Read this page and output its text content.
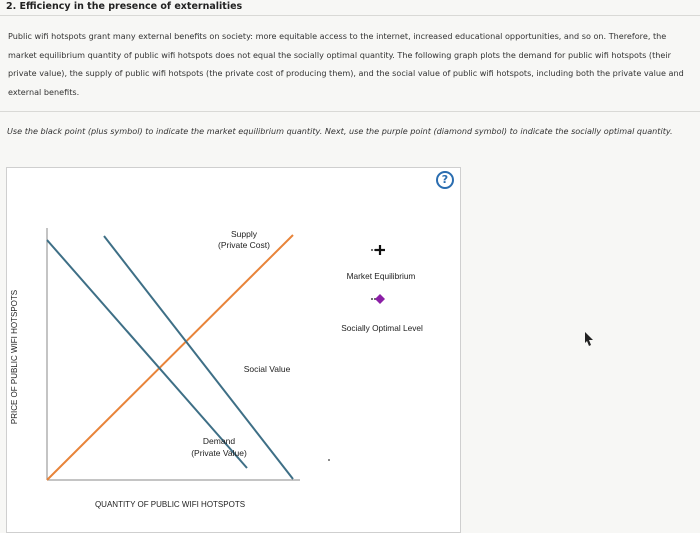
2. Efficiency in the presence of externalities
Public wifi hotspots grant many external benefits on society: more equitable access to the internet, increased educational opportunities, and so on. Therefore, the market equilibrium quantity of public wifi hotspots does not equal the socially optimal quantity. The following graph plots the demand for public wifi hotspots (their private value), the supply of public wifi hotspots (the private cost of producing them), and the social value of public wifi hotspots, including both the private value and external benefits.
Use the black point (plus symbol) to indicate the market equilibrium quantity. Next, use the purple point (diamond symbol) to indicate the socially optimal quantity.
?
Supply
(Private Cost)
Social Value
Demand
(Private Value)
PRICE OF PUBLIC WIFI HOTSPOTS
QUANTITY OF PUBLIC WIFI HOTSPOTS
Market Equilibrium
Socially Optimal Level
